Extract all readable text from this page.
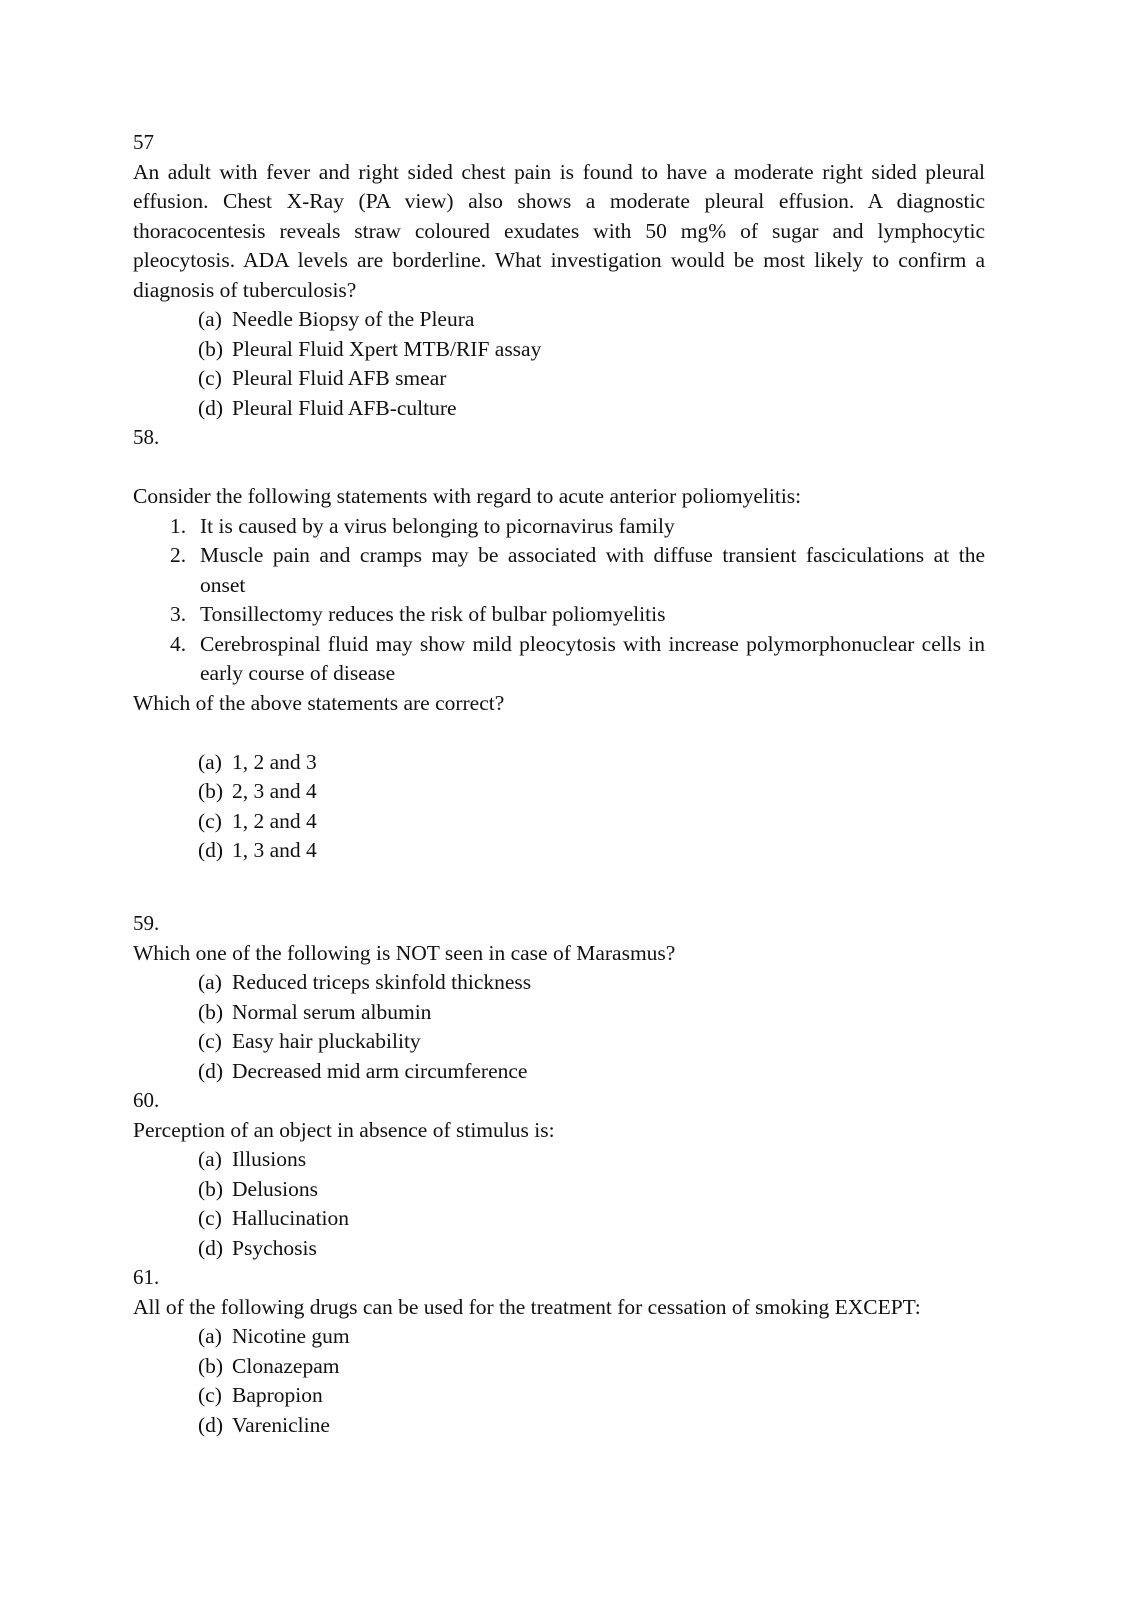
57
An adult with fever and right sided chest pain is found to have a moderate right sided pleural effusion. Chest X-Ray (PA view) also shows a moderate pleural effusion. A diagnostic thoracocentesis reveals straw coloured exudates with 50 mg% of sugar and lymphocytic pleocytosis. ADA levels are borderline. What investigation would be most likely to confirm a diagnosis of tuberculosis?
(a) Needle Biopsy of the Pleura
(b) Pleural Fluid Xpert MTB/RIF assay
(c) Pleural Fluid AFB smear
(d) Pleural Fluid AFB-culture
58.
Consider the following statements with regard to acute anterior poliomyelitis:
1. It is caused by a virus belonging to picornavirus family
2. Muscle pain and cramps may be associated with diffuse transient fasciculations at the onset
3. Tonsillectomy reduces the risk of bulbar poliomyelitis
4. Cerebrospinal fluid may show mild pleocytosis with increase polymorphonuclear cells in early course of disease
Which of the above statements are correct?
(a) 1, 2 and 3
(b) 2, 3 and 4
(c) 1, 2 and 4
(d) 1, 3 and 4
59.
Which one of the following is NOT seen in case of Marasmus?
(a) Reduced triceps skinfold thickness
(b) Normal serum albumin
(c) Easy hair pluckability
(d) Decreased mid arm circumference
60.
Perception of an object in absence of stimulus is:
(a) Illusions
(b) Delusions
(c) Hallucination
(d) Psychosis
61.
All of the following drugs can be used for the treatment for cessation of smoking EXCEPT:
(a) Nicotine gum
(b) Clonazepam
(c) Bapropion
(d) Varenicline
